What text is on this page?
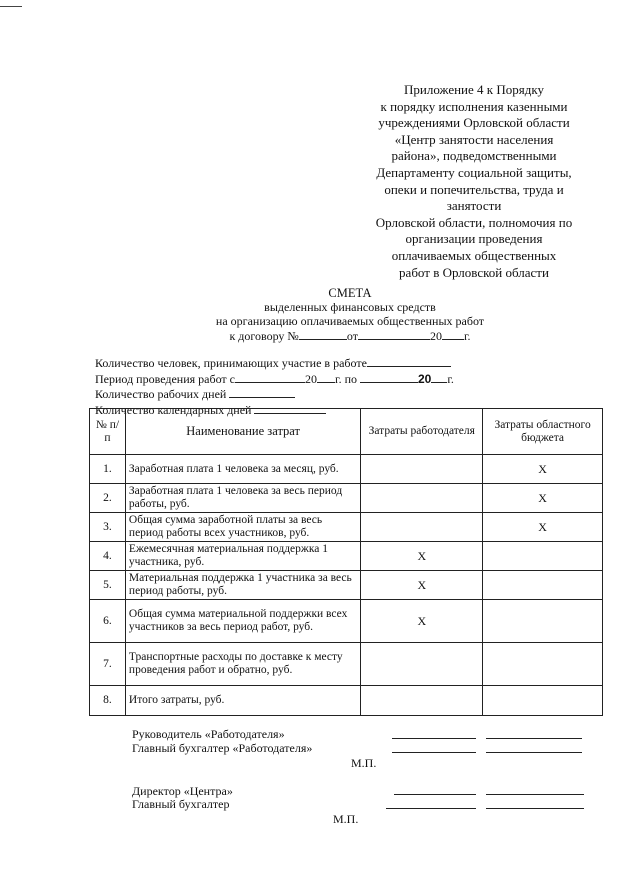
Приложение 4 к Порядку
к порядку исполнения казенными
учреждениями Орловской области
«Центр занятости населения
района», подведомственными
Департаменту социальной защиты,
опеки и попечительства, труда и
занятости
Орловской области, полномочия по
организации проведения
оплачиваемых общественных
работ в Орловской области
СМЕТА
выделенных финансовых средств
на организацию оплачиваемых общественных работ
к договору №	от	20 г.
Количество человек, принимающих участие в работе
Период проведения работ с	20 г. по	20 г.
Количество рабочих дней
Количество календарных дней
№ п/п	Наименование затрат	Затраты работодателя	Затраты областного бюджета
1.	Заработная плата 1 человека за месяц, руб.		Х
2.	Заработная плата 1 человека за весь период работы, руб.		Х
3.	Общая сумма заработной платы за весь период работы всех участников, руб.		Х
4.	Ежемесячная материальная поддержка 1 участника, руб.	Х	
5.	Материальная поддержка 1 участника за весь период работы, руб.	Х	
6.	Общая сумма материальной поддержки всех участников за весь период работ, руб.	Х	
7.	Транспортные расходы по доставке к месту проведения работ и обратно, руб.		
8.	Итого затраты, руб.		
Руководитель «Работодателя»
Главный бухгалтер «Работодателя»
М.П.
Директор «Центра»
Главный бухгалтер
М.П.
